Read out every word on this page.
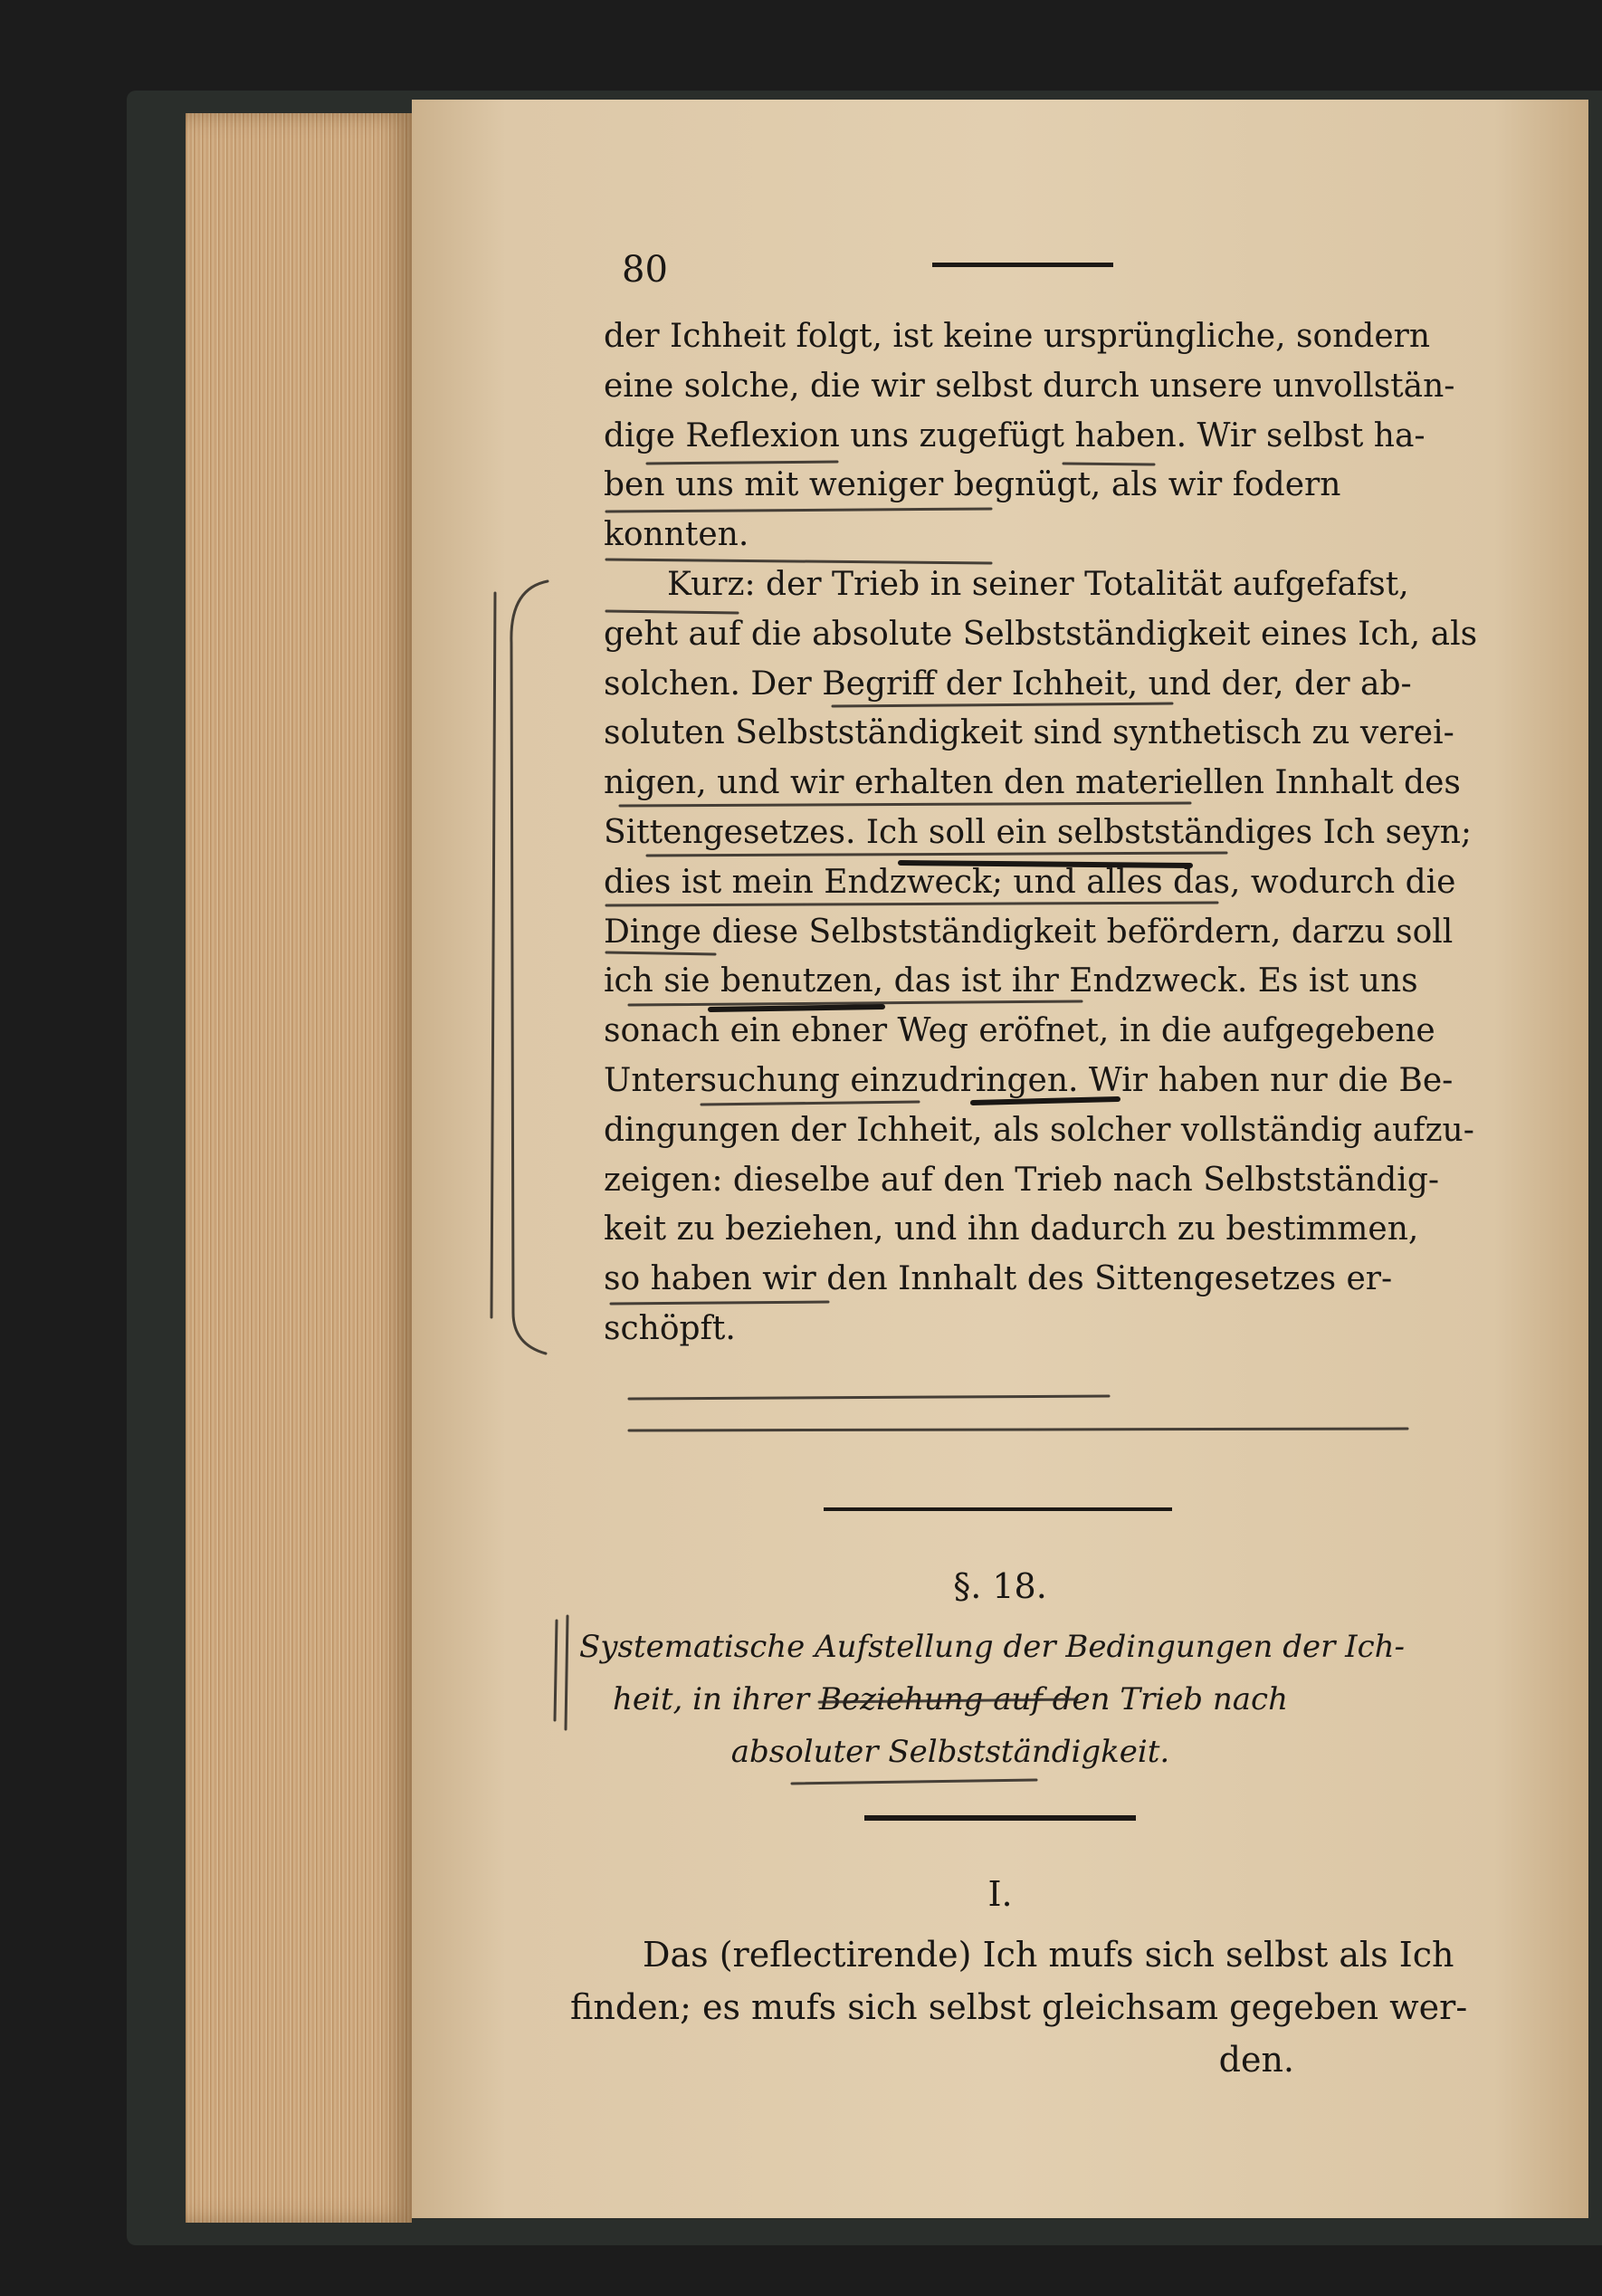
80
der Ichheit folgt, ist keine ursprüngliche, sondern
eine solche, die wir selbst durch unsere unvollstän-
dige Reflexion uns zugefügt haben. Wir selbst ha-
ben uns mit weniger begnügt, als wir fodern
konnten.
Kurz: der Trieb in seiner Totalität aufgefafst,
geht auf die absolute Selbstständigkeit eines Ich, als
solchen. Der Begriff der Ichheit, und der, der ab-
soluten Selbstständigkeit sind synthetisch zu verei-
nigen, und wir erhalten den materiellen Innhalt des
Sittengesetzes. Ich soll ein selbstständiges Ich seyn;
dies ist mein Endzweck; und alles das, wodurch die
Dinge diese Selbstständigkeit befördern, darzu soll
ich sie benutzen, das ist ihr Endzweck. Es ist uns
sonach ein ebner Weg eröfnet, in die aufgegebene
Untersuchung einzudringen. Wir haben nur die Be-
dingungen der Ichheit, als solcher vollständig aufzu-
zeigen: dieselbe auf den Trieb nach Selbstständig-
keit zu beziehen, und ihn dadurch zu bestimmen,
so haben wir den Innhalt des Sittengesetzes er-
schöpft.
§. 18.
Systematische Aufstellung der Bedingungen der Ich-
heit, in ihrer Beziehung auf den Trieb nach
absoluter Selbstständigkeit.
I.
Das (reflectirende) Ich mufs sich selbst als Ich
finden; es mufs sich selbst gleichsam gegeben wer-
den.
